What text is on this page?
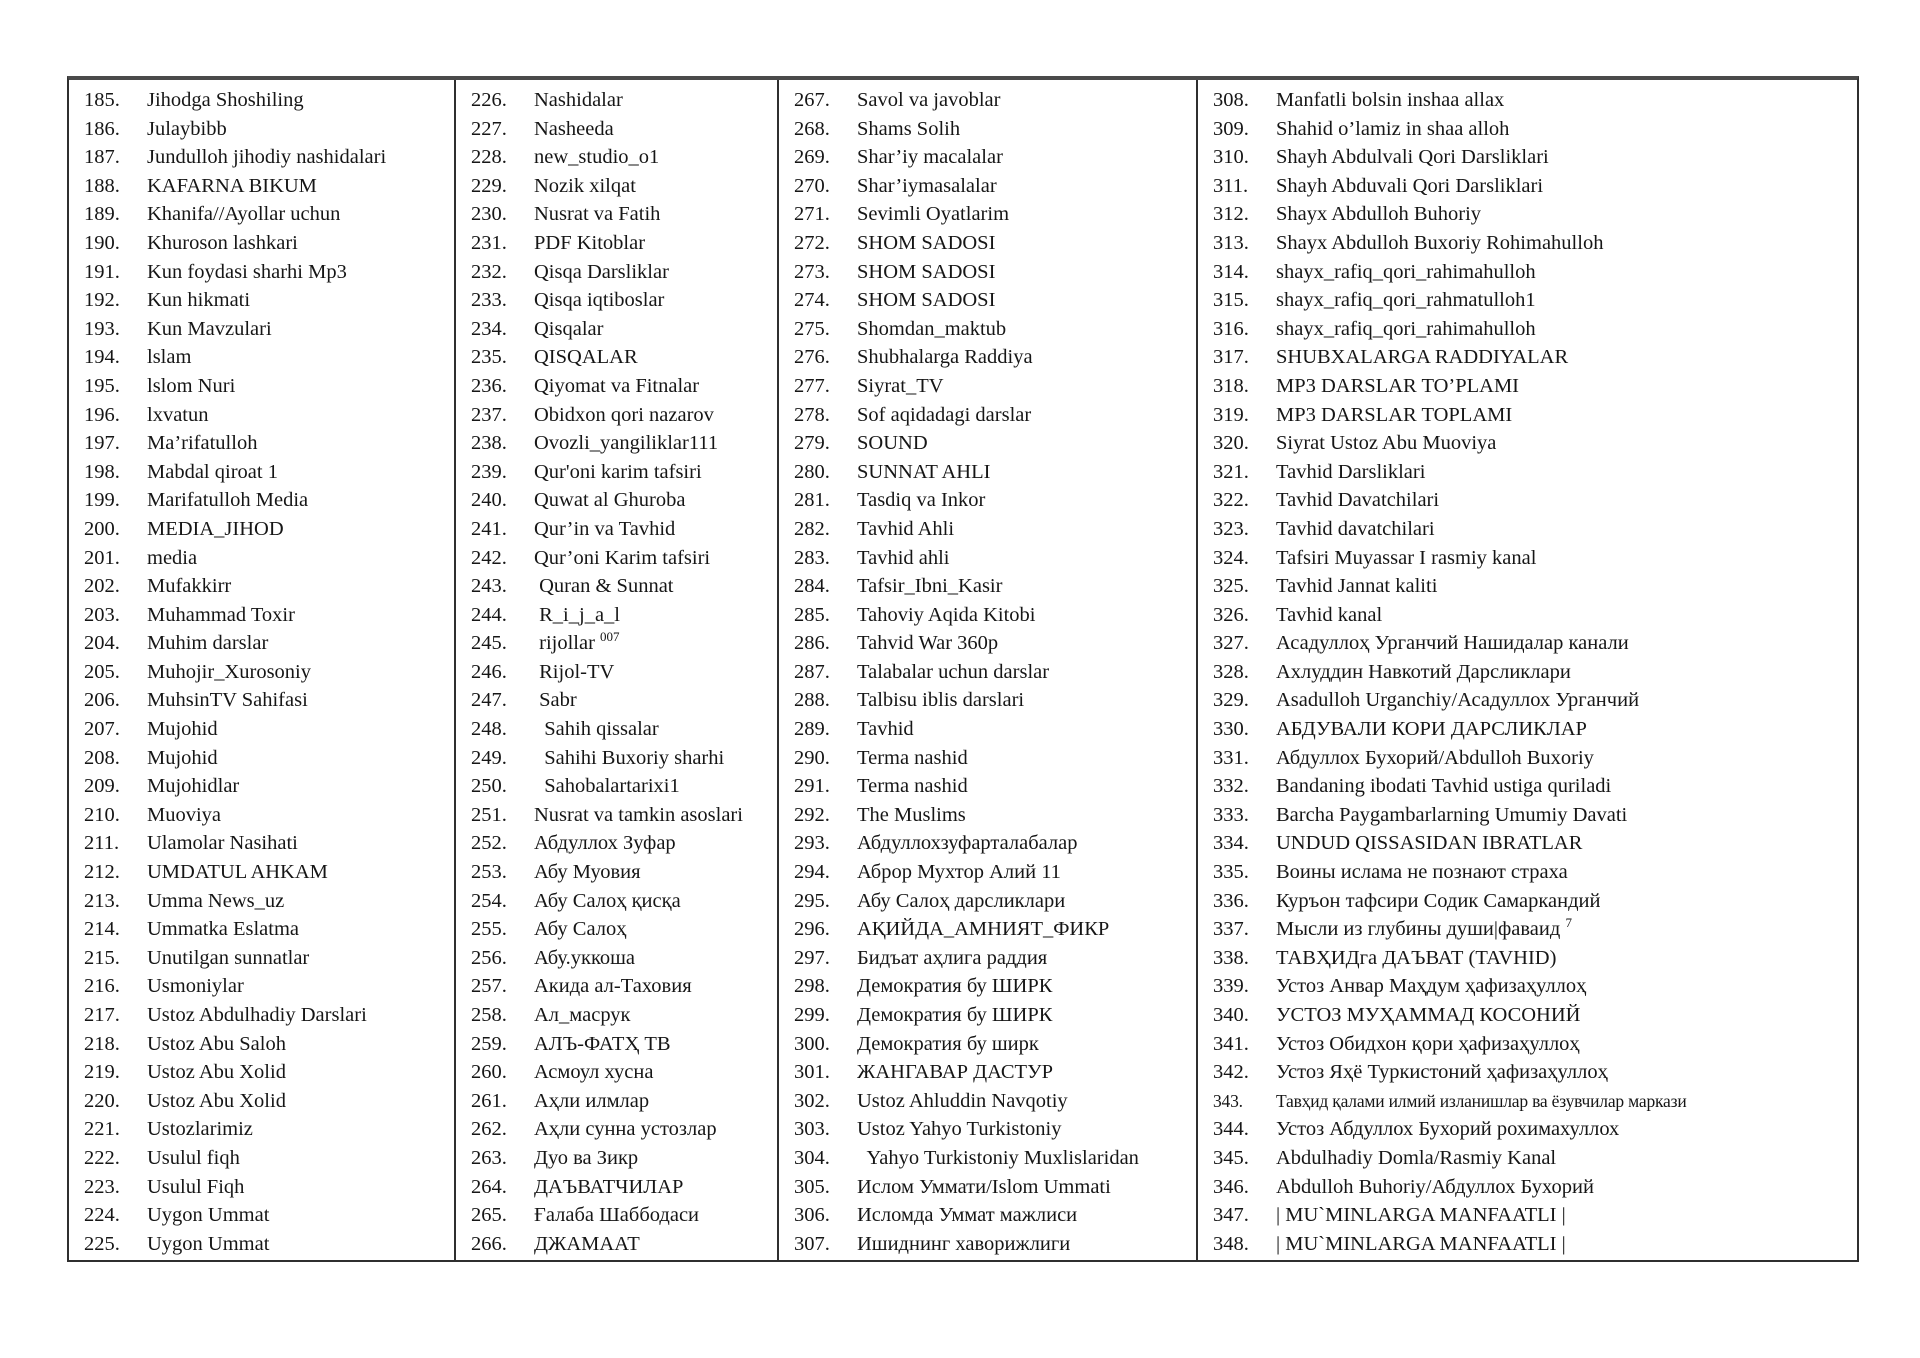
185. Jihodga Shoshiling
186. Julaybibb
187. Jundulloh jihodiy nashidalari
188. KAFARNA BIKUM
189. Khanifa//Ayollar uchun
190. Khuroson lashkari
191. Kun foydasi sharhi Mp3
192. Kun hikmati
193. Kun Mavzulari
194. lslam
195. lslom Nuri
196. lxvatun
197. Ma’rifatulloh
198. Mabdal qiroat 1
199. Marifatulloh Media
200. MEDIA_JIHOD
201. media
202. Mufakkirr
203. Muhammad Toxir
204. Muhim darslar
205. Muhojir_Xurosoniy
206. MuhsinTV Sahifasi
207. Mujohid
208. Mujohid
209. Mujohidlar
210. Muoviya
211. Ulamolar Nasihati
212. UMDATUL AHKAM
213. Umma News_uz
214. Ummatka Eslatma
215. Unutilgan sunnatlar
216. Usmoniylar
217. Ustoz Abdulhadiy Darslari
218. Ustoz Abu Saloh
219. Ustoz Abu Xolid
220. Ustoz Abu Xolid
221. Ustozlarimiz
222. Usulul fiqh
223. Usulul Fiqh
224. Uygon Ummat
225. Uygon Ummat
226. Nashidalar
227. Nasheeda
228. new_studio_o1
229. Nozik xilqat
230. Nusrat va Fatih
231. PDF Kitoblar
232. Qisqa Darsliklar
233. Qisqa iqtiboslar
234. Qisqalar
235. QISQALAR
236. Qiyomat va Fitnalar
237. Obidxon qori nazarov
238. Ovozli_yangiliklar111
239. Qur'oni karim tafsiri
240. Quwat al Ghuroba
241. Qur’in va Tavhid
242. Qur’oni Karim tafsiri
243. Quran & Sunnat
244. R_i_j_a_l
245. rijollar $^{007}$
246. Rijol-TV
247. Sabr
248.  Sahih qissalar
249.  Sahihi Buxoriy sharhi
250.  Sahobalartarixi1
251. Nusrat va tamkin asoslari
252. Абдуллох Зуфар
253. Абу Муовия
254. Абу Салоҳ қисқа
255. Абу Салоҳ
256. Абу.уккоша
257. Акида ал-Таховия
258. Ал_масрук
259. АЛЪ-ФАТҲ ТВ
260. Асмоул хусна
261. Аҳли илмлар
262. Аҳли сунна устозлар
263. Дуо ва Зикр
264. ДАЪВАТЧИЛАР
265. Ғалаба Шаббодаси
266. ДЖАМААТ
267. Savol va javoblar
268. Shams Solih
269. Shar’iy macalalar
270. Shar’iymasalalar
271. Sevimli Oyatlarim
272. SHOM SADOSI
273. SHOM SADOSI
274. SHOM SADOSI
275. Shomdan_maktub
276. Shubhalarga Raddiya
277. Siyrat_TV
278. Sof aqidadagi darslar
279. SOUND
280. SUNNAT AHLI
281. Tasdiq va Inkor
282. Tavhid Ahli
283. Tavhid ahli
284. Tafsir_Ibni_Kasir
285. Tahoviy Aqida Kitobi
286. Tahvid War 360p
287. Talabalar uchun darslar
288. Talbisu iblis darslari
289. Tavhid
290. Terma nashid
291. Terma nashid
292. The Muslims
293. Абдуллохзуфарталабалар
294. Аброр Мухтор Алий 11
295. Абу Салоҳ дарсликлари
296. АҚИЙДА_АМНИЯТ_ФИКР
297. Бидъат аҳлига раддия
298. Демократия бу ШИРК
299. Демократия бу ШИРК
300. Демократия бу ширк
301. ЖАНГАВАР ДАСТУР
302. Ustoz Ahluddin Navqotiy
303. Ustoz Yahyo Turkistoniy
304.  Yahyo Turkistoniy Muxlislaridan
305. Ислом Уммати/Islom Ummati
306. Исломда Уммат мажлиси
307. Ишиднинг хаворижлиги
308. Manfatli bolsin inshaa allax
309. Shahid o’lamiz in shaa alloh
310. Shayh Abdulvali Qori Darsliklari
311. Shayh Abduvali Qori Darsliklari
312. Shayx Abdulloh Buhoriy
313. Shayx Abdulloh Buxoriy Rohimahulloh
314. shayx_rafiq_qori_rahimahulloh
315. shayx_rafiq_qori_rahmatulloh1
316. shayx_rafiq_qori_rahimahulloh
317. SHUBXALARGA RADDIYALAR
318. MP3 DARSLAR TO’PLAMI
319. MP3 DARSLAR TOPLAMI
320. Siyrat Ustoz Abu Muoviya
321. Tavhid Darsliklari
322. Tavhid Davatchilari
323. Tavhid davatchilari
324. Tafsiri Muyassar I rasmiy kanal
325. Tavhid Jannat kaliti
326. Tavhid kanal
327. Асадуллоҳ Урганчий Нашидалар канали
328. Ахлуддин Навкотий Дарсликлари
329. Asadulloh Urganchiy/Асадуллох Урганчий
330. АБДУВАЛИ КОРИ ДАРСЛИКЛАР
331. Абдуллох Бухорий/Abdulloh Buxoriy
332. Bandaning ibodati Tavhid ustiga quriladi
333. Barcha Paygambarlarning Umumiy Davati
334. UNDUD QISSASIDAN IBRATLAR
335. Воины ислама не познают страха
336. Куръон тафсири Содик Самаркандий
337. Мысли из глубины души|фаваид $^7$
338. ТАВҲИДга ДАЪВАТ (TAVHID)
339. Устоз Анвар Маҳдум ҳафизаҳуллоҳ
340. УСТОЗ МУҲАММАД КОСОНИЙ
341. Устоз Обидхон қори ҳафизаҳуллоҳ
342. Устоз Яҳё Туркистоний ҳафизаҳуллоҳ
343. Тавҳид қалами илмий изланишлар ва ёзувчилар маркази
344. Устоз Абдуллох Бухорий рохимахуллох
345. Abdulhadiy Domla/Rasmiy Kanal
346. Abdulloh Buhoriy/Абдуллох Бухорий
347. | MU`MINLARGA MANFAATLI |
348. | MU`MINLARGA MANFAATLI |
